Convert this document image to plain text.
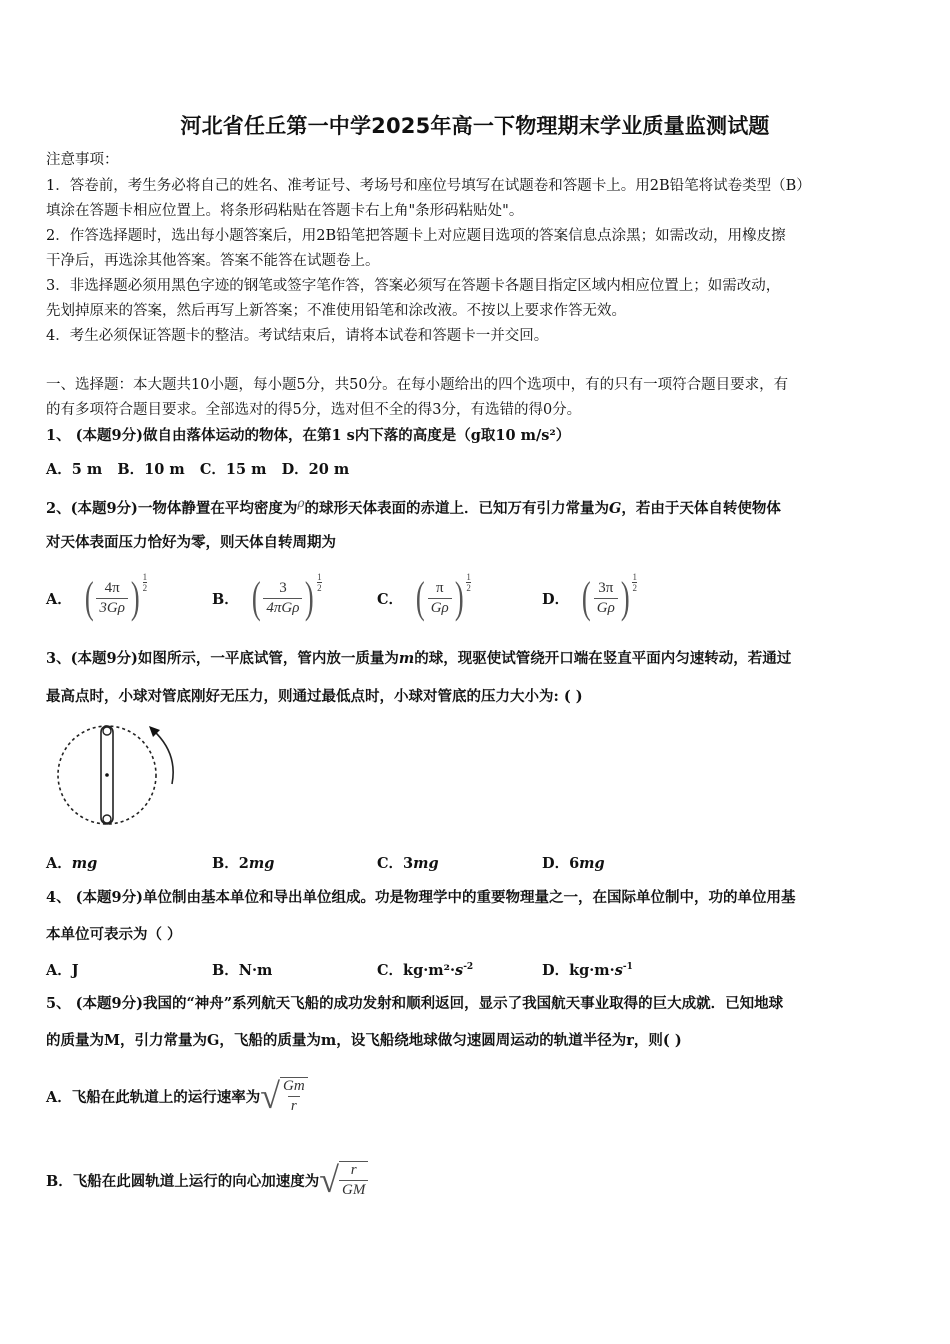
河北省任丘第一中学2025年高一下物理期末学业质量监测试题
注意事项：
1．答卷前，考生务必将自己的姓名、准考证号、考场号和座位号填写在试题卷和答题卡上。用2B铅笔将试卷类型（B）
填涂在答题卡相应位置上。将条形码粘贴在答题卡右上角"条形码粘贴处"。
2．作答选择题时，选出每小题答案后，用2B铅笔把答题卡上对应题目选项的答案信息点涂黑；如需改动，用橡皮擦
干净后，再选涂其他答案。答案不能答在试题卷上。
3．非选择题必须用黑色字迹的钢笔或签字笔作答，答案必须写在答题卡各题目指定区域内相应位置上；如需改动，
先划掉原来的答案，然后再写上新答案；不准使用铅笔和涂改液。不按以上要求作答无效。
4．考生必须保证答题卡的整洁。考试结束后，请将本试卷和答题卡一并交回。
一、选择题：本大题共10小题，每小题5分，共50分。在每小题给出的四个选项中，有的只有一项符合题目要求，有
的有多项符合题目要求。全部选对的得5分，选对但不全的得3分，有选错的得0分。
1、 (本题9分)做自由落体运动的物体，在第1 s内下落的高度是（g取10 m/s²）
A．5 m   B．10 m   C．15 m   D．20 m
2、(本题9分)一物体静置在平均密度为$^\rho$的球形天体表面的赤道上．已知万有引力常量为G，若由于天体自转使物体
对天体表面压力恰好为零，则天体自转周期为
A． ( $\frac{4\pi}{3G\rho}$ ) $\frac{1}{2}$
B． ( $\frac{3}{\text{4πGρ}}$ ) $\frac{1}{2}$
C． ( $\frac{\pi}{G\rho}$ ) $\frac{1}{2}$
D． ( $\frac{3\pi}{G\rho}$ ) $\frac{1}{2}$
3、(本题9分)如图所示，一平底试管，管内放一质量为m的球，现驱使试管绕开口端在竖直平面内匀速转动，若通过
最高点时，小球对管底刚好无压力，则通过最低点时，小球对管底的压力大小为: ( )
A．mg	B．2mg	C．3mg	D．6mg
4、 (本题9分)单位制由基本单位和导出单位组成。功是物理学中的重要物理量之一，在国际单位制中，功的单位用基
本单位可表示为（ ）
A．J	B．N·m	C．$kg\cdot m^2\cdot s^{-2}$	D．$kg\cdot m\cdot s^{-1}$
5、 (本题9分)我国的“神舟”系列航天飞船的成功发射和顺利返回，显示了我国航天事业取得的巨大成就．已知地球
的质量为M，引力常量为G，飞船的质量为m，设飞船绕地球做匀速圆周运动的轨道半径为r，则( )
A．飞船在此轨道上的运行速率为 √ $\frac{Gm}{r}$
B．飞船在此圆轨道上运行的向心加速度为 √ $\frac{r}{GM}$
